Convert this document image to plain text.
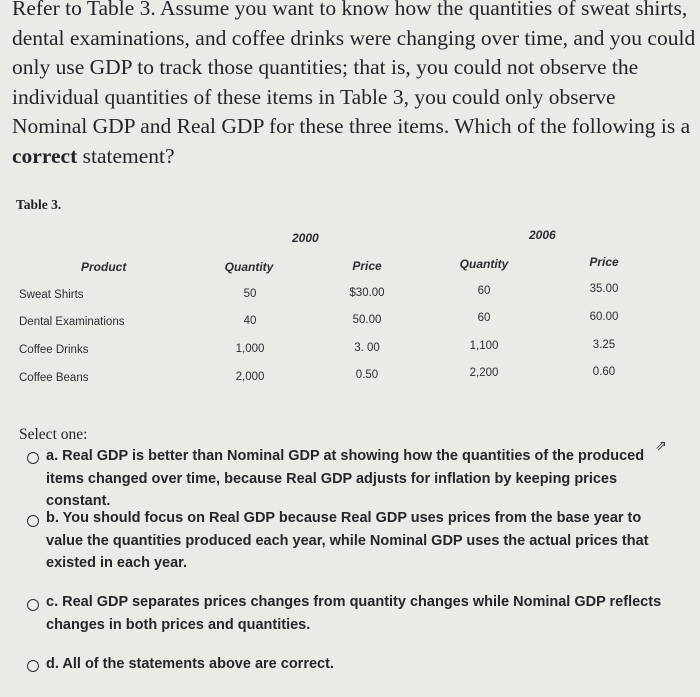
Refer to Table 3. Assume you want to know how the quantities of sweat shirts, dental examinations, and coffee drinks were changing over time, and you could only use GDP to track those quantities; that is, you could not observe the individual quantities of these items in Table 3, you could only observe Nominal GDP and Real GDP for these three items. Which of the following is a correct statement?
Table 3.
2000	2006
Product	Quantity	Price	Quantity	Price
Sweat Shirts	50	$30.00	60	35.00
Dental Examinations	40	50.00	60	60.00
Coffee Drinks	1,000	3. 00	1,100	3.25
Coffee Beans	2,000	0.50	2,200	0.60
Select one:
a. Real GDP is better than Nominal GDP at showing how the quantities of the produced items changed over time, because Real GDP adjusts for inflation by keeping prices constant.
b. You should focus on Real GDP because Real GDP uses prices from the base year to value the quantities produced each year, while Nominal GDP uses the actual prices that existed in each year.
c. Real GDP separates prices changes from quantity changes while Nominal GDP reflects changes in both prices and quantities.
d. All of the statements above are correct.
⇗
